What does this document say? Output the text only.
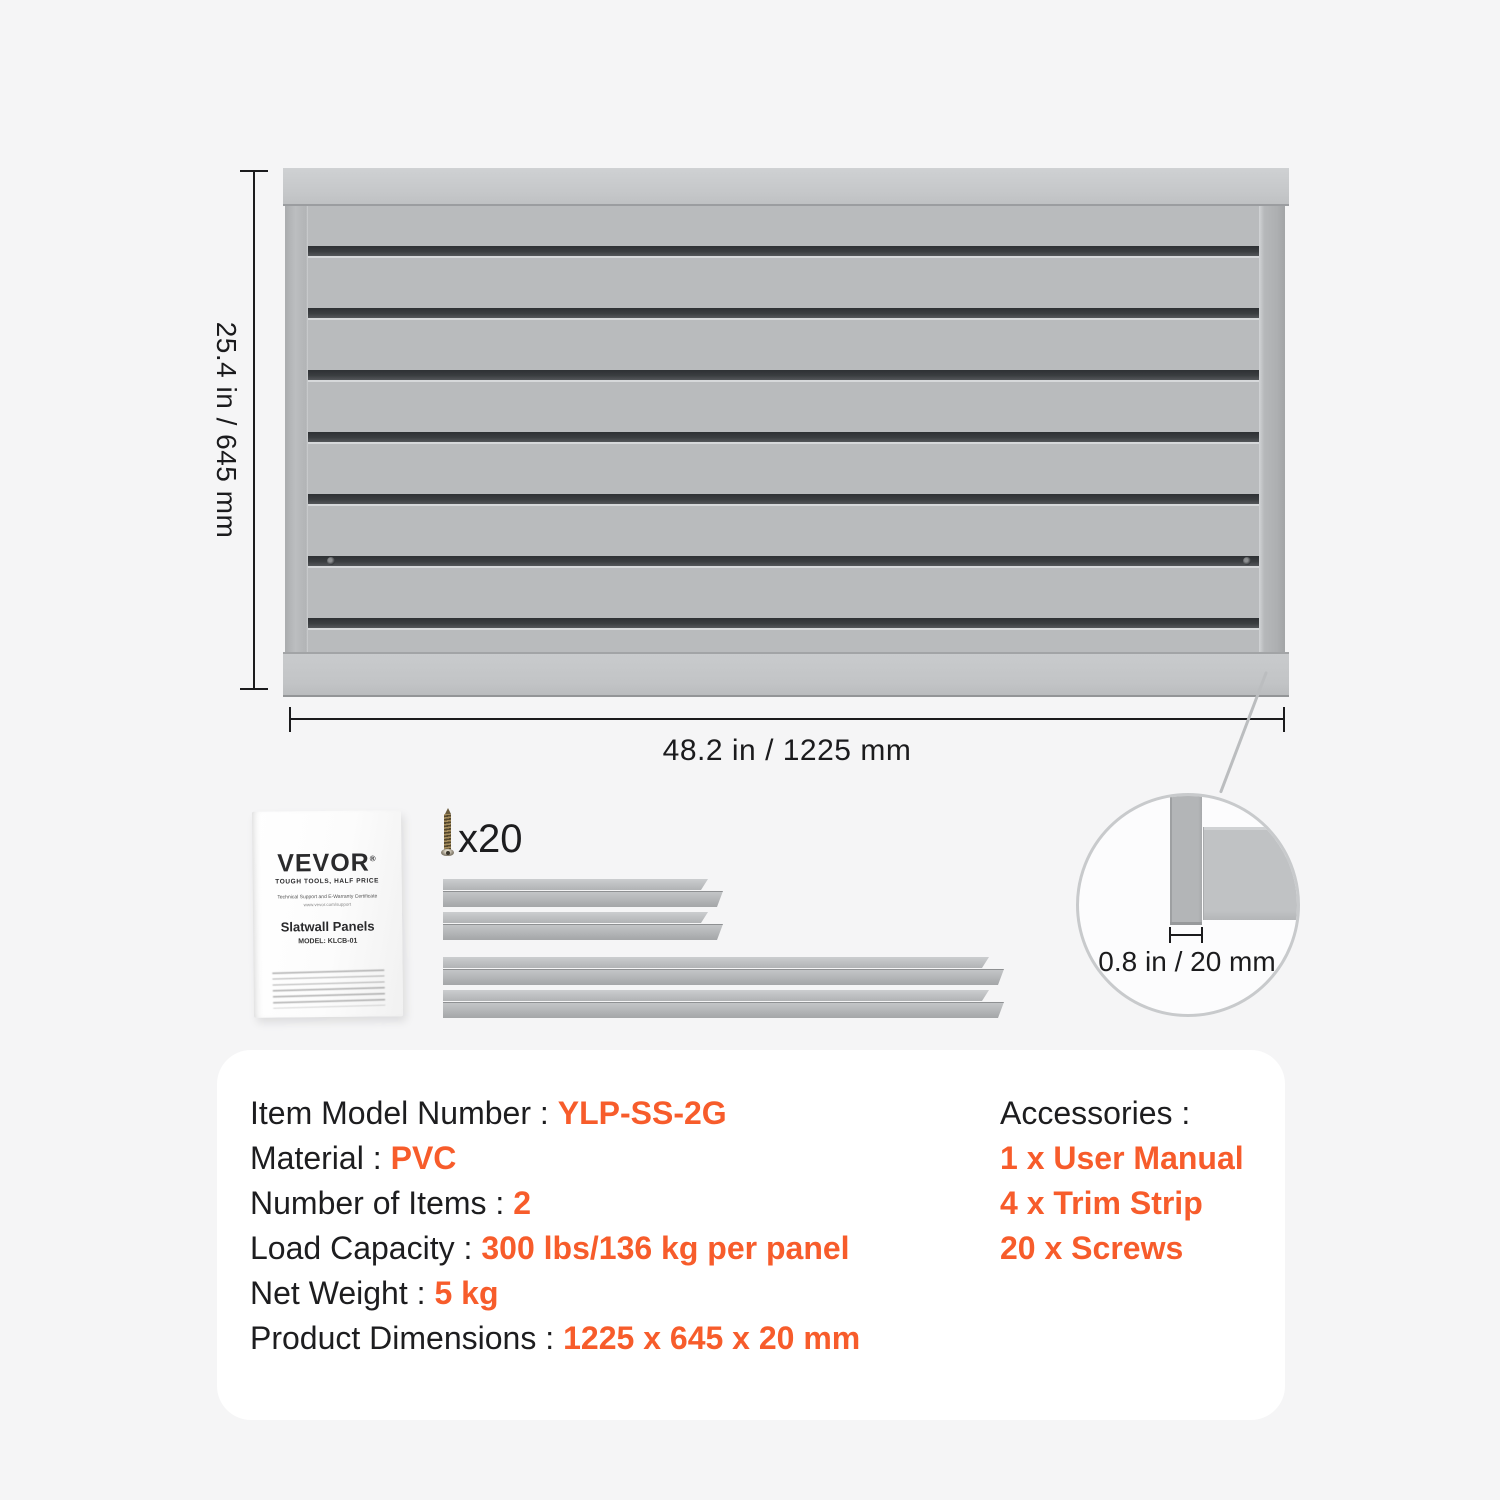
25.4 in / 645 mm
48.2 in / 1225 mm
0.8 in / 20 mm
VEVOR®
TOUGH TOOLS, HALF PRICE
Technical Support and E-Warranty Certificate
www.vevor.com/support
Slatwall Panels
MODEL: KLCB-01
x20
Item Model Number : YLP-SS-2G
Material : PVC
Number of Items : 2
Load Capacity : 300 lbs/136 kg per panel
Net Weight : 5 kg
Product Dimensions : 1225 x 645 x 20 mm
Accessories :
1 x User Manual
4 x Trim Strip
20 x Screws
